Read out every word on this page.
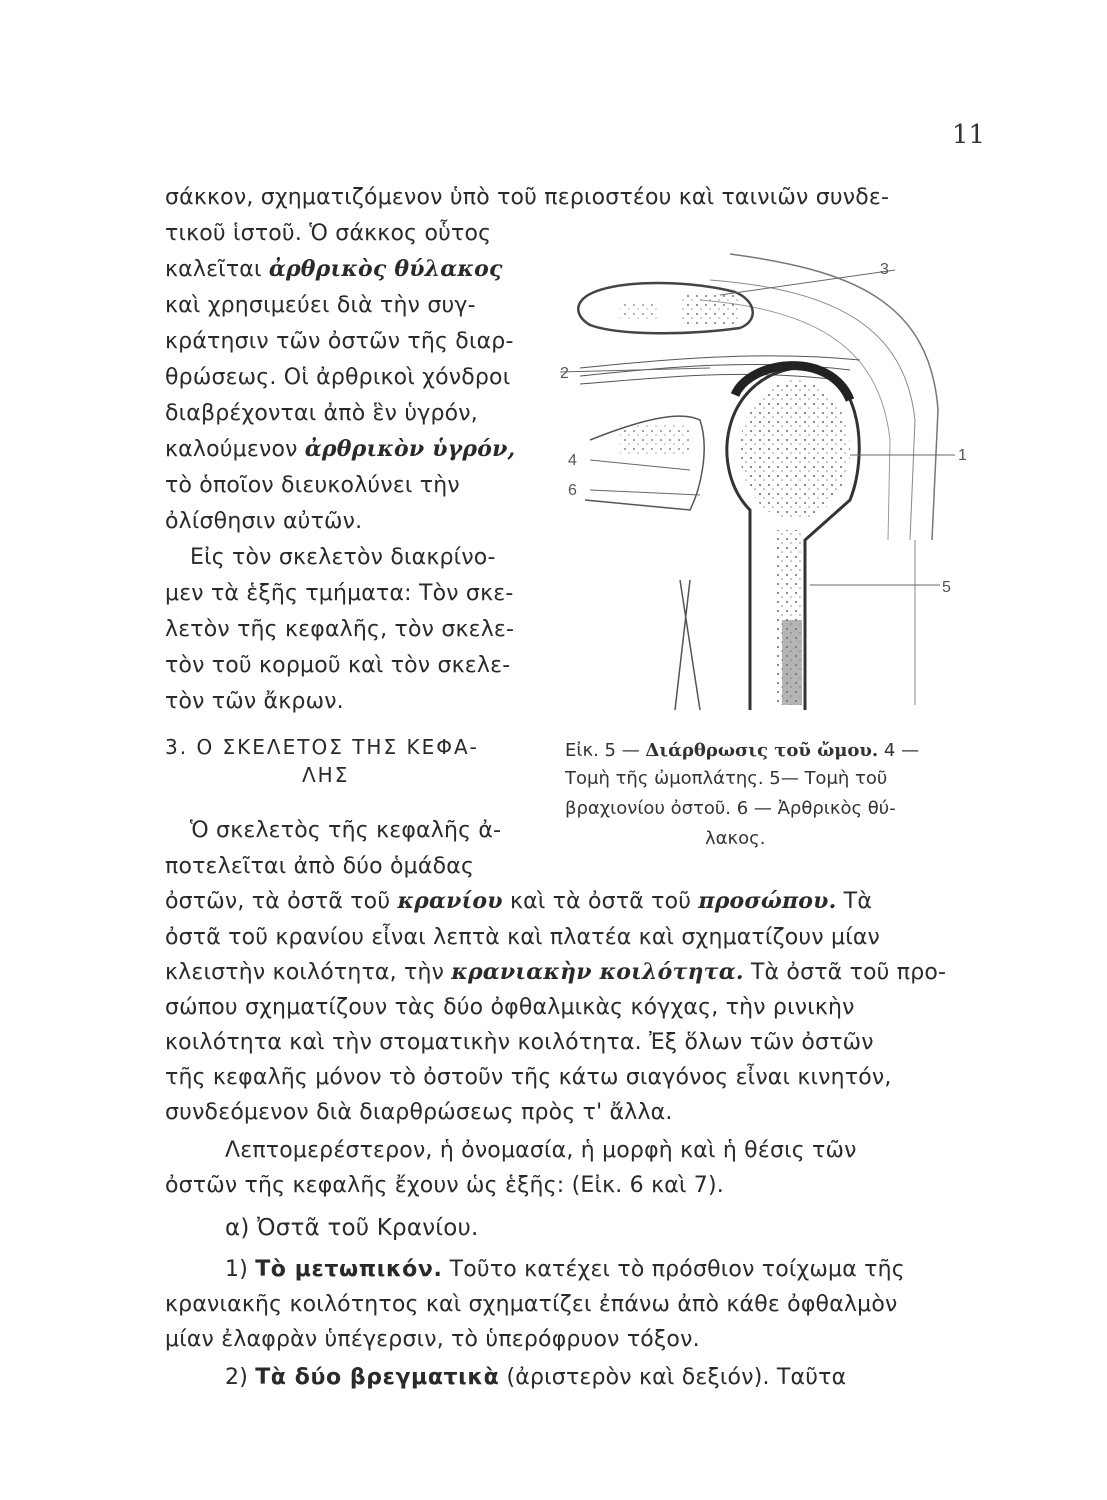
11
σάκκον, σχηματιζόμενον ὑπὸ τοῦ περιοστέου καὶ ταινιῶν συνδε-
τικοῦ ἱστοῦ. Ὁ σάκκος οὗτος
καλεῖται ἀρθρικὸς θύλακος
καὶ χρησιμεύει διὰ τὴν συγ-
κράτησιν τῶν ὀστῶν τῆς διαρ-
θρώσεως. Οἱ ἀρθρικοὶ χόνδροι
διαβρέχονται ἀπὸ ἓν ὑγρόν,
καλούμενον ἀρθρικὸν ὑγρόν,
τὸ ὁποῖον διευκολύνει τὴν
ὀλίσθησιν αὐτῶν.
Εἰς τὸν σκελετὸν διακρίνο-
μεν τὰ ἑξῆς τμήματα: Τὸν σκε-
λετὸν τῆς κεφαλῆς, τὸν σκελε-
τὸν τοῦ κορμοῦ καὶ τὸν σκελε-
τὸν τῶν ἄκρων.
3. Ο ΣΚΕΛΕΤΟΣ ΤΗΣ ΚΕΦΑ-
ΛΗΣ
Ὁ σκελετὸς τῆς κεφαλῆς ἀ-
ποτελεῖται ἀπὸ δύο ὁμάδας
ὀστῶν, τὰ ὀστᾶ τοῦ κρανίου καὶ τὰ ὀστᾶ τοῦ προσώπου. Τὰ
ὀστᾶ τοῦ κρανίου εἶναι λεπτὰ καὶ πλατέα καὶ σχηματίζουν μίαν
κλειστὴν κοιλότητα, τὴν κρανιακὴν κοιλότητα. Τὰ ὀστᾶ τοῦ προ-
σώπου σχηματίζουν τὰς δύο ὀφθαλμικὰς κόγχας, τὴν ρινικὴν
κοιλότητα καὶ τὴν στοματικὴν κοιλότητα. Ἐξ ὅλων τῶν ὀστῶν
τῆς κεφαλῆς μόνον τὸ ὀστοῦν τῆς κάτω σιαγόνος εἶναι κινητόν,
συνδεόμενον διὰ διαρθρώσεως πρὸς τ' ἄλλα.
Λεπτομερέστερον, ἡ ὀνομασία, ἡ μορφὴ καὶ ἡ θέσις τῶν
ὀστῶν τῆς κεφαλῆς ἔχουν ὡς ἑξῆς: (Εἰκ. 6 καὶ 7).
α) Ὀστᾶ τοῦ Κρανίου.
1) Τὸ μετωπικόν. Τοῦτο κατέχει τὸ πρόσθιον τοίχωμα τῆς
κρανιακῆς κοιλότητος καὶ σχηματίζει ἐπάνω ἀπὸ κάθε ὀφθαλμὸν
μίαν ἐλαφρὰν ὑπέγερσιν, τὸ ὑπερόφρυον τόξον.
2) Τὰ δύο βρεγματικὰ (ἀριστερὸν καὶ δεξιόν). Ταῦτα
1
2
3
4
5
6
Εἰκ. 5 — Διάρθρωσις τοῦ ὤμου. 4 —
Τομὴ τῆς ὠμοπλάτης. 5— Τομὴ τοῦ
βραχιονίου ὀστοῦ. 6 — Ἀρθρικὸς θύ-
λακος.
